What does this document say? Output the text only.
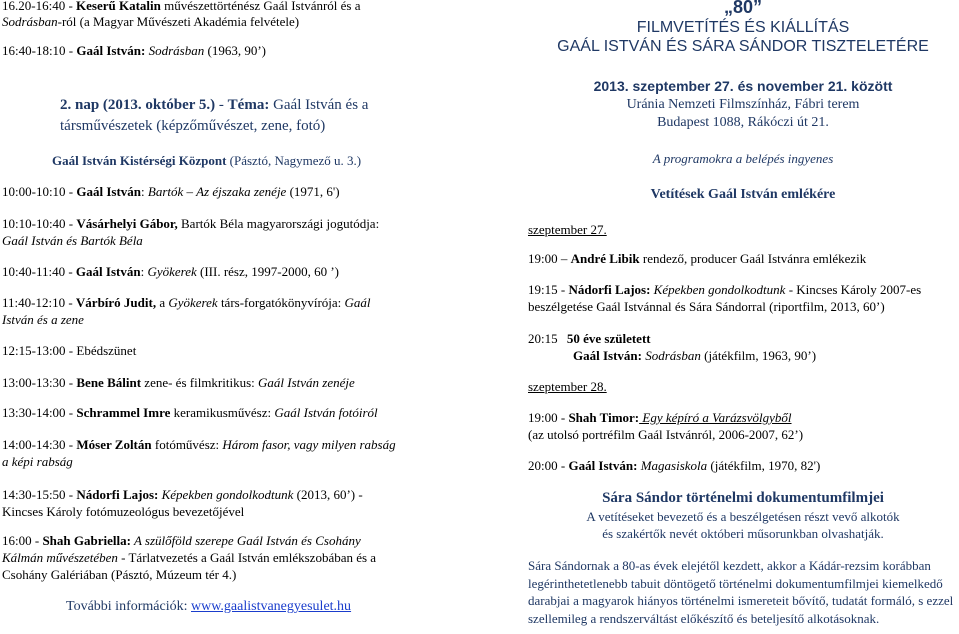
16.20-16:40 - Keserű Katalin művészettörténész Gaál Istvánról és a
Sodrásban-ról (a Magyar Művészeti Akadémia felvétele)
16:40-18:10 - Gaál István: Sodrásban (1963, 90’)
2. nap (2013. október 5.) - Téma: Gaál István és a
társművészetek (képzőművészet, zene, fotó)
Gaál István Kistérségi Központ (Pásztó, Nagymező u. 3.)
10:00-10:10 - Gaál István: Bartók – Az éjszaka zenéje (1971, 6')
10:10-10:40 - Vásárhelyi Gábor, Bartók Béla magyarországi jogutódja:
Gaál István és Bartók Béla
10:40-11:40 - Gaál István: Gyökerek (III. rész, 1997-2000, 60 ’)
11:40-12:10 - Várbíró Judit, a Gyökerek társ-forgatókönyvírója: Gaál
István és a zene
12:15-13:00 - Ebédszünet
13:00-13:30 - Bene Bálint zene- és filmkritikus: Gaál István zenéje
13:30-14:00 - Schrammel Imre keramikusművész: Gaál István fotóiról
14:00-14:30 - Móser Zoltán fotóművész: Három fasor, vagy milyen rabság
a képi rabság
14:30-15:50 - Nádorfi Lajos: Képekben gondolkodtunk (2013, 60’) -
Kincses Károly fotómuzeológus bevezetőjével
16:00 - Shah Gabriella: A szülőföld szerepe Gaál István és Csohány
Kálmán művészetében - Tárlatvezetés a Gaál István emlékszobában és a
Csohány Galériában (Pásztó, Múzeum tér 4.)
További információk: www.gaalistvanegyesulet.hu
„80”
FILMVETÍTÉS ÉS KIÁLLÍTÁS
GAÁL ISTVÁN ÉS SÁRA SÁNDOR TISZTELETÉRE
2013. szeptember 27. és november 21. között
Uránia Nemzeti Filmszínház, Fábri terem
Budapest 1088, Rákóczi út 21.
A programokra a belépés ingyenes
Vetítések Gaál István emlékére
szeptember 27.
19:00 – André Libik rendező, producer Gaál Istvánra emlékezik
19:15 - Nádorfi Lajos: Képekben gondolkodtunk - Kincses Károly 2007-es
beszélgetése Gaál Istvánnal és Sára Sándorral (riportfilm, 2013, 60’)
20:15 50 éve született
Gaál István: Sodrásban (játékfilm, 1963, 90’)
szeptember 28.
19:00 - Shah Timor: Egy képíró a Varázsvölgyből
(az utolsó portréfilm Gaál Istvánról, 2006-2007, 62’)
20:00 - Gaál István: Magasiskola (játékfilm, 1970, 82')
Sára Sándor történelmi dokumentumfilmjei
A vetítéseket bevezető és a beszélgetésen részt vevő alkotók
és szakértők nevét októberi műsorunkban olvashatják.
Sára Sándornak a 80-as évek elejétől kezdett, akkor a Kádár-rezsim korábban legérinthetetlenebb tabuit döntögető történelmi dokumentumfilmjei kiemelkedő darabjai a magyarok hiányos történelmi ismereteit bővítő, tudatát formáló, s ezzel szellemileg a rendszerváltást előkészítő és beteljesítő alkotásoknak.
